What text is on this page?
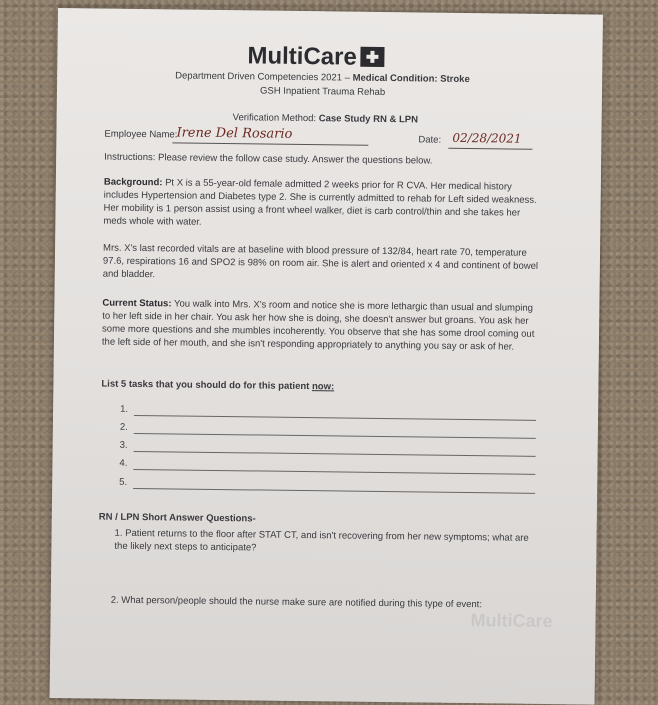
MultiCare
Department Driven Competencies 2021 – Medical Condition: Stroke
GSH Inpatient Trauma Rehab
Verification Method: Case Study RN & LPN
Employee Name:
Irene Del Rosario	Date: 02/28/2021
Instructions: Please review the follow case study. Answer the questions below.
Background: Pt X is a 55-year-old female admitted 2 weeks prior for R CVA. Her medical history includes Hypertension and Diabetes type 2. She is currently admitted to rehab for Left sided weakness. Her mobility is 1 person assist using a front wheel walker, diet is carb control/thin and she takes her meds whole with water.
Mrs. X's last recorded vitals are at baseline with blood pressure of 132/84, heart rate 70, temperature 97.6, respirations 16 and SPO2 is 98% on room air. She is alert and oriented x 4 and continent of bowel and bladder.
Current Status: You walk into Mrs. X's room and notice she is more lethargic than usual and slumping to her left side in her chair. You ask her how she is doing, she doesn't answer but groans. You ask her some more questions and she mumbles incoherently. You observe that she has some drool coming out the left side of her mouth, and she isn't responding appropriately to anything you say or ask of her.
List 5 tasks that you should do for this patient now:
1.
2.
3.
4.
5.
RN / LPN Short Answer Questions-
1. Patient returns to the floor after STAT CT, and isn't recovering from her new symptoms; what are the likely next steps to anticipate?
2. What person/people should the nurse make sure are notified during this type of event:
MultiCare
